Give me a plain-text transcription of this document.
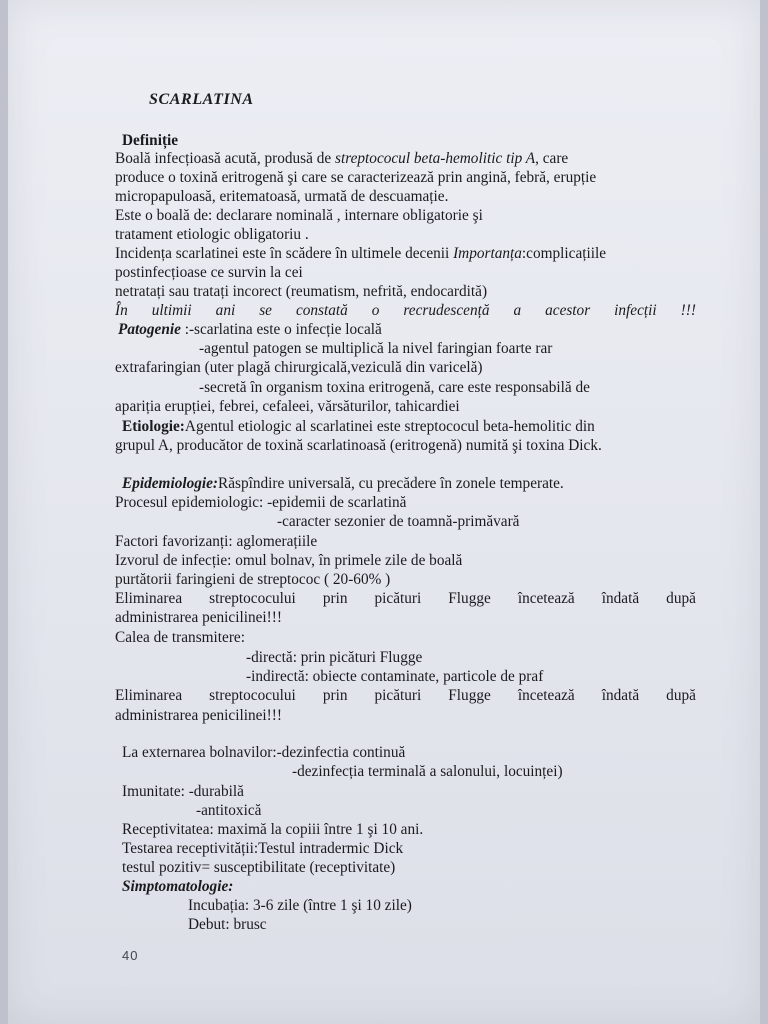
SCARLATINA
Definiție
Boală infecțioasă acută, produsă de streptococul beta-hemolitic tip A, care
produce o toxină eritrogenă şi care se caracterizează prin angină, febră, erupție
micropapuloasă, eritematoasă, urmată de descuamație.
Este o boală de: declarare nominală , internare obligatorie şi
tratament etiologic obligatoriu .
Incidența scarlatinei este în scădere în ultimele decenii Importanța:complicațiile
postinfecțioase ce survin la cei
netratați sau tratați incorect (reumatism, nefrită, endocardită)
În ultimii ani se constată o recrudescență a acestor infecții !!!
Patogenie :-scarlatina este o infecție locală
-agentul patogen se multiplică la nivel faringian foarte rar
extrafaringian (uter plagă chirurgicală,veziculă din varicelă)
-secretă în organism toxina eritrogenă, care este responsabilă de
apariția erupției, febrei, cefaleei, vărsăturilor, tahicardiei
Etiologie:Agentul etiologic al scarlatinei este streptococul beta-hemolitic din
grupul A, producător de toxină scarlatinoasă (eritrogenă) numită şi toxina Dick.
Epidemiologie:Răspîndire universală, cu precădere în zonele temperate.
Procesul epidemiologic: -epidemii de scarlatină
-caracter sezonier de toamnă-primăvară
Factori favorizanți: aglomerațiile
Izvorul de infecție: omul bolnav, în primele zile de boală
purtătorii faringieni de streptococ ( 20-60% )
Eliminarea streptococului prin picături Flugge încetează îndată după
administrarea penicilinei!!!
Calea de transmitere:
-directă: prin picături Flugge
-indirectă: obiecte contaminate, particole de praf
Eliminarea streptococului prin picături Flugge încetează îndată după
administrarea penicilinei!!!
La externarea bolnavilor:-dezinfectia continuă
-dezinfecția terminală a salonului, locuinței)
Imunitate: -durabilă
-antitoxică
Receptivitatea: maximă la copiii între 1 şi 10 ani.
Testarea receptivității:Testul intradermic Dick
testul pozitiv= susceptibilitate (receptivitate)
Simptomatologie:
Incubația: 3-6 zile (între 1 şi 10 zile)
Debut: brusc
40
